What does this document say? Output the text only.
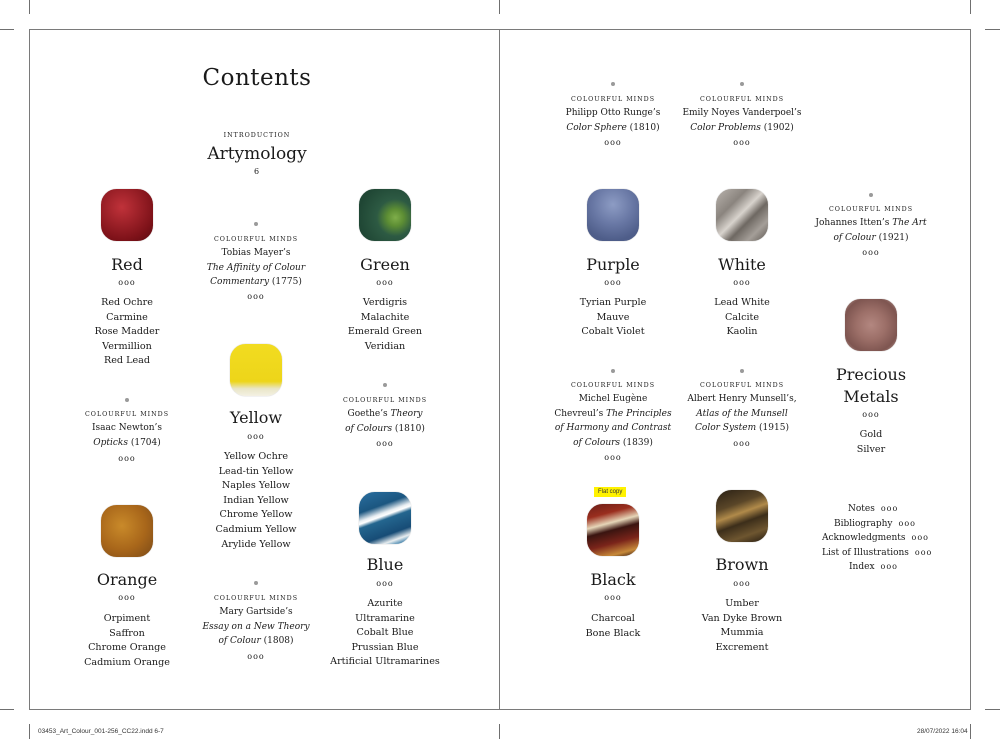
Contents
INTRODUCTION
Artymology
6
Red
ooo
Red Ochre
Carmine
Rose Madder
Vermillion
Red Lead
COLOURFUL MINDS
Tobias Mayer’s
The Affinity of Colour
Commentary (1775)
ooo
Green
ooo
Verdigris
Malachite
Emerald Green
Veridian
Yellow
ooo
Yellow Ochre
Lead-tin Yellow
Naples Yellow
Indian Yellow
Chrome Yellow
Cadmium Yellow
Arylide Yellow
COLOURFUL MINDS
Isaac Newton’s
Opticks (1704)
ooo
COLOURFUL MINDS
Goethe’s Theory
of Colours (1810)
ooo
Orange
ooo
Orpiment
Saffron
Chrome Orange
Cadmium Orange
COLOURFUL MINDS
Mary Gartside’s
Essay on a New Theory
of Colour (1808)
ooo
Blue
ooo
Azurite
Ultramarine
Cobalt Blue
Prussian Blue
Artificial Ultramarines
COLOURFUL MINDS
Philipp Otto Runge’s
Color Sphere (1810)
ooo
COLOURFUL MINDS
Emily Noyes Vanderpoel’s
Color Problems (1902)
ooo
Purple
ooo
Tyrian Purple
Mauve
Cobalt Violet
White
ooo
Lead White
Calcite
Kaolin
COLOURFUL MINDS
Johannes Itten’s The Art
of Colour (1921)
ooo
Precious
Metals
ooo
Gold
Silver
COLOURFUL MINDS
Michel Eugène
Chevreul’s The Principles
of Harmony and Contrast
of Colours (1839)
ooo
COLOURFUL MINDS
Albert Henry Munsell’s,
Atlas of the Munsell
Color System (1915)
ooo
Flat copy
Black
ooo
Charcoal
Bone Black
Brown
ooo
Umber
Van Dyke Brown
Mummia
Excrement
Notes ooo
Bibliography ooo
Acknowledgments ooo
List of Illustrations ooo
Index ooo
03453_Art_Colour_001-256_CC22.indd 6-7	28/07/2022 16:04
